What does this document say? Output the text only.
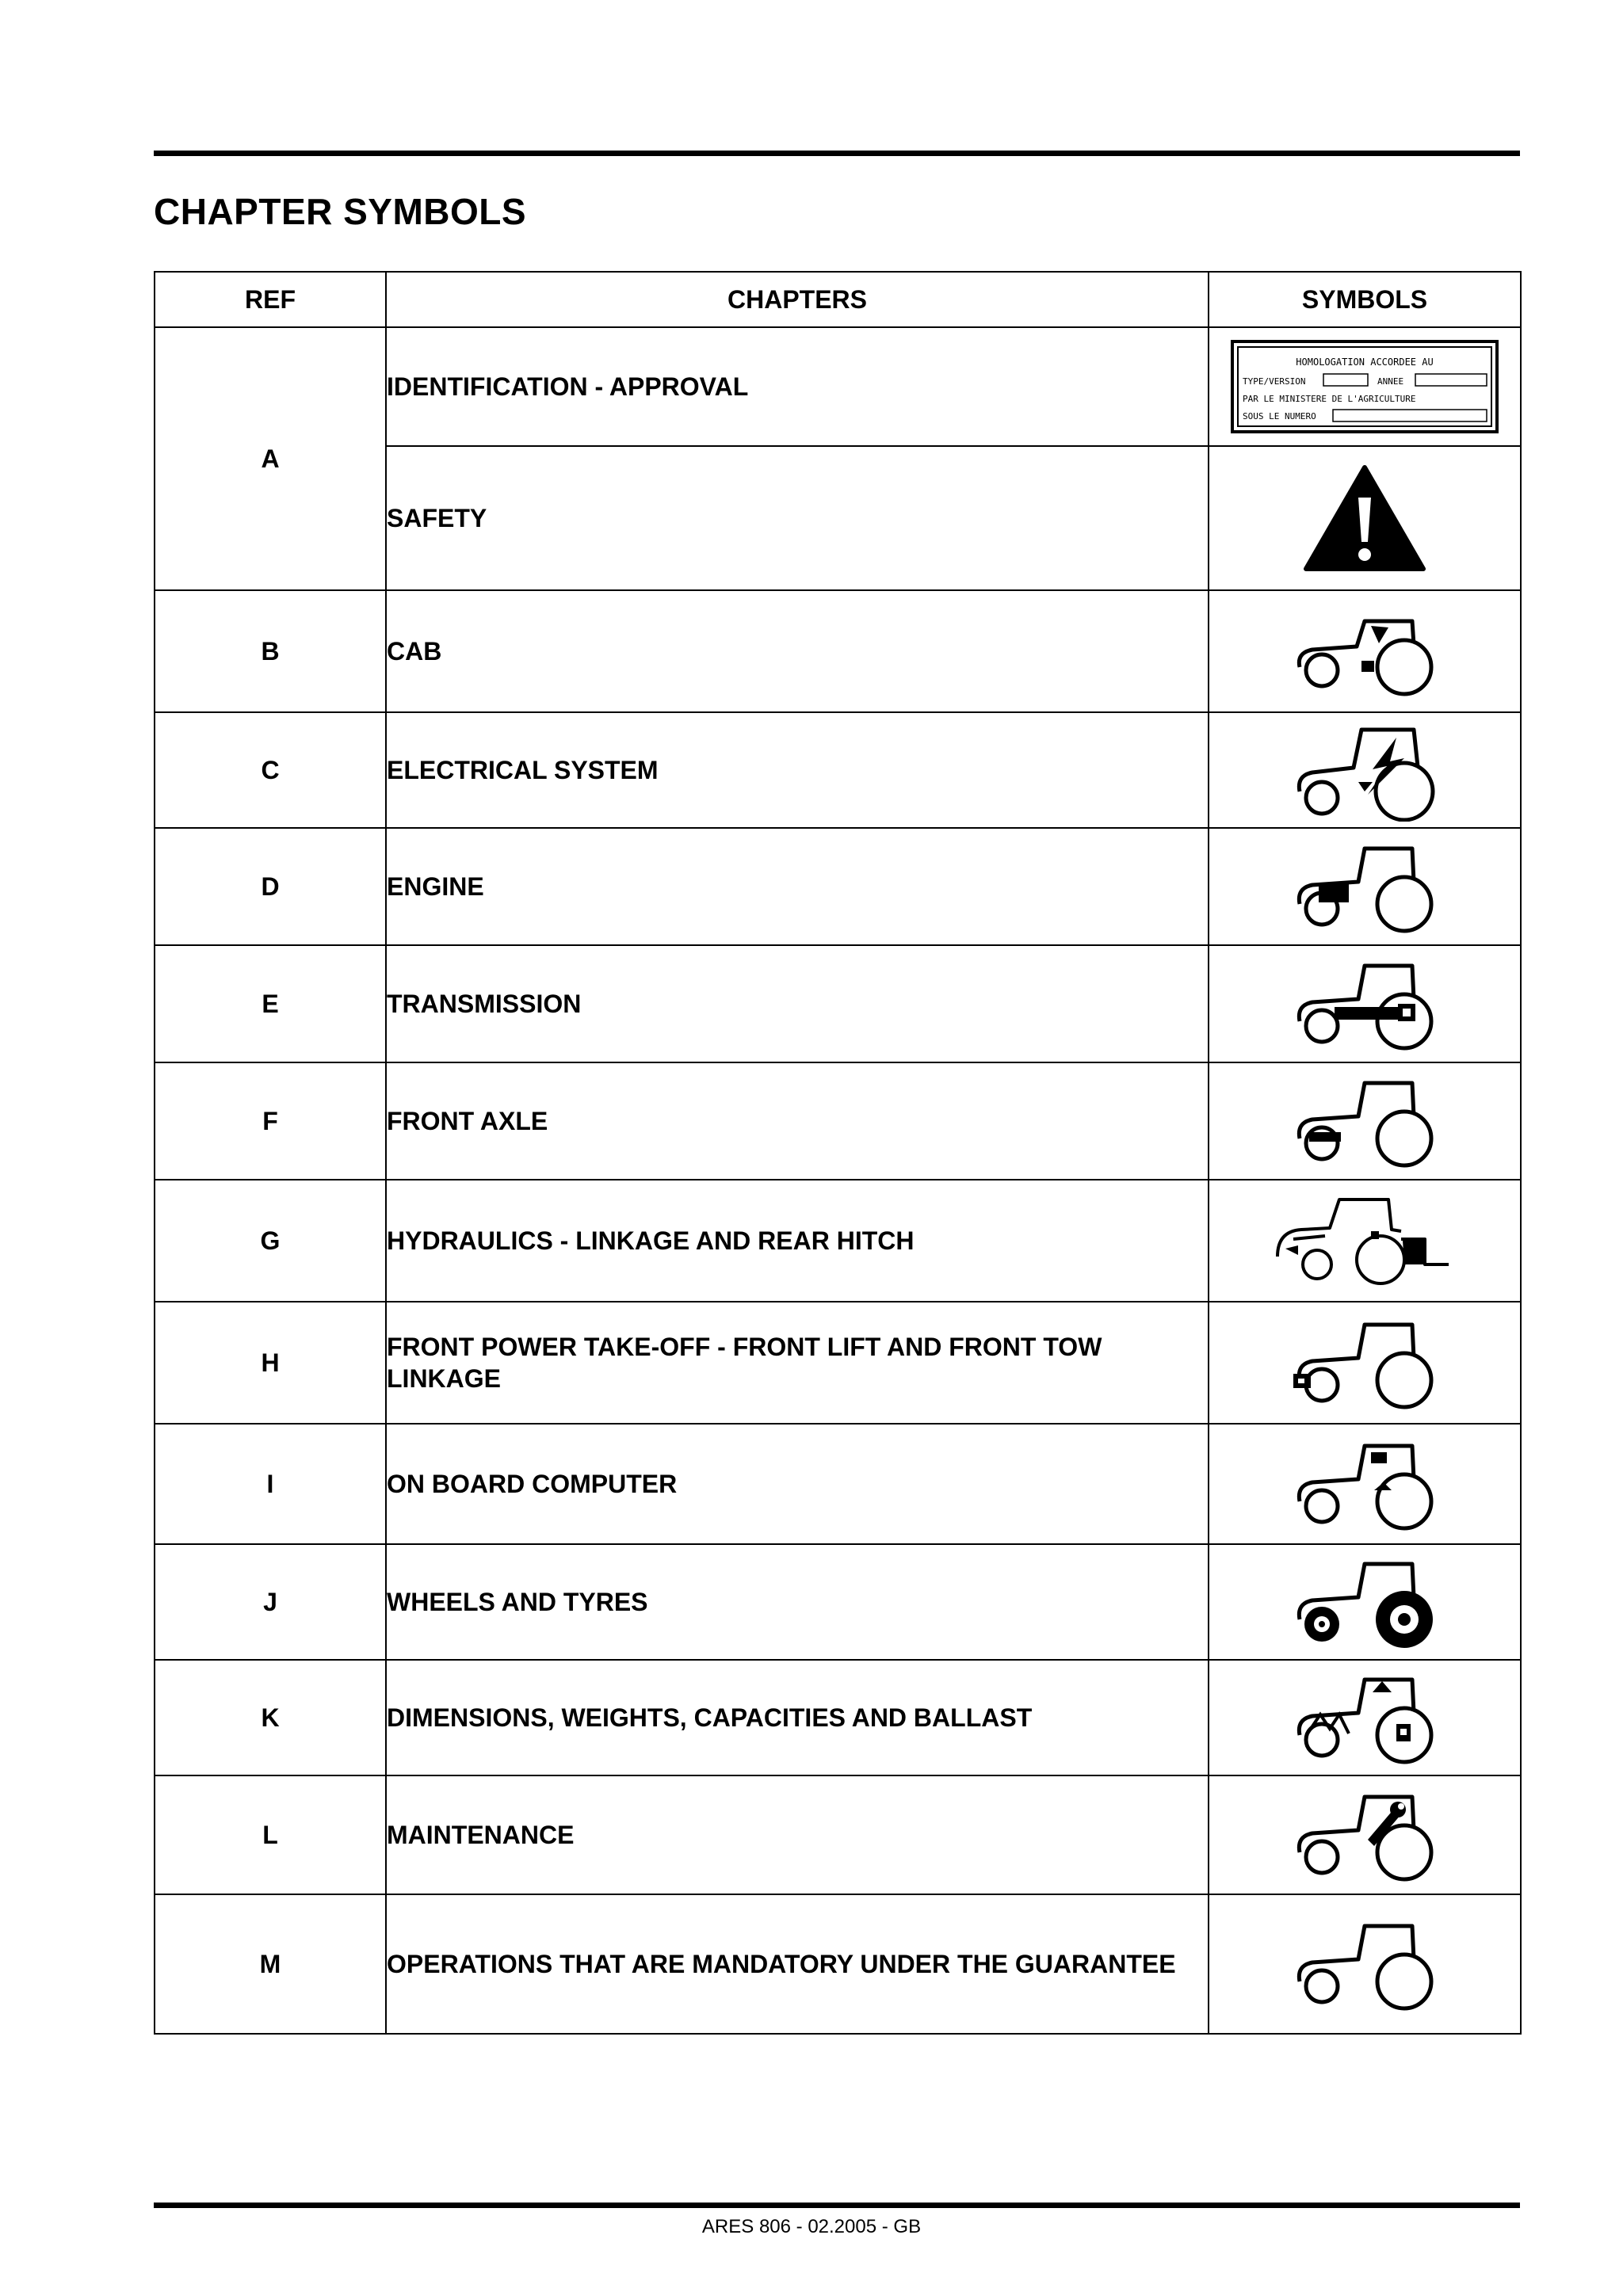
CHAPTER SYMBOLS
REF	CHAPTERS	SYMBOLS
A	IDENTIFICATION - APPROVAL	HOMOLOGATION ACCORDEE AU
TYPE/VERSION ANNEE
PAR LE MINISTERE DE L'AGRICULTURE
SOUS LE NUMERO

	SAFETY	

B	CAB	

C	ELECTRICAL SYSTEM	

D	ENGINE	

E	TRANSMISSION	

F	FRONT AXLE	

G	HYDRAULICS - LINKAGE AND REAR HITCH	

H	FRONT POWER TAKE-OFF - FRONT LIFT AND FRONT TOW LINKAGE	

I	ON BOARD COMPUTER	

J	WHEELS AND TYRES	

K	DIMENSIONS, WEIGHTS, CAPACITIES AND BALLAST	

L	MAINTENANCE	

M	OPERATIONS THAT ARE MANDATORY UNDER THE GUARANTEE	
ARES 806 - 02.2005 - GB
